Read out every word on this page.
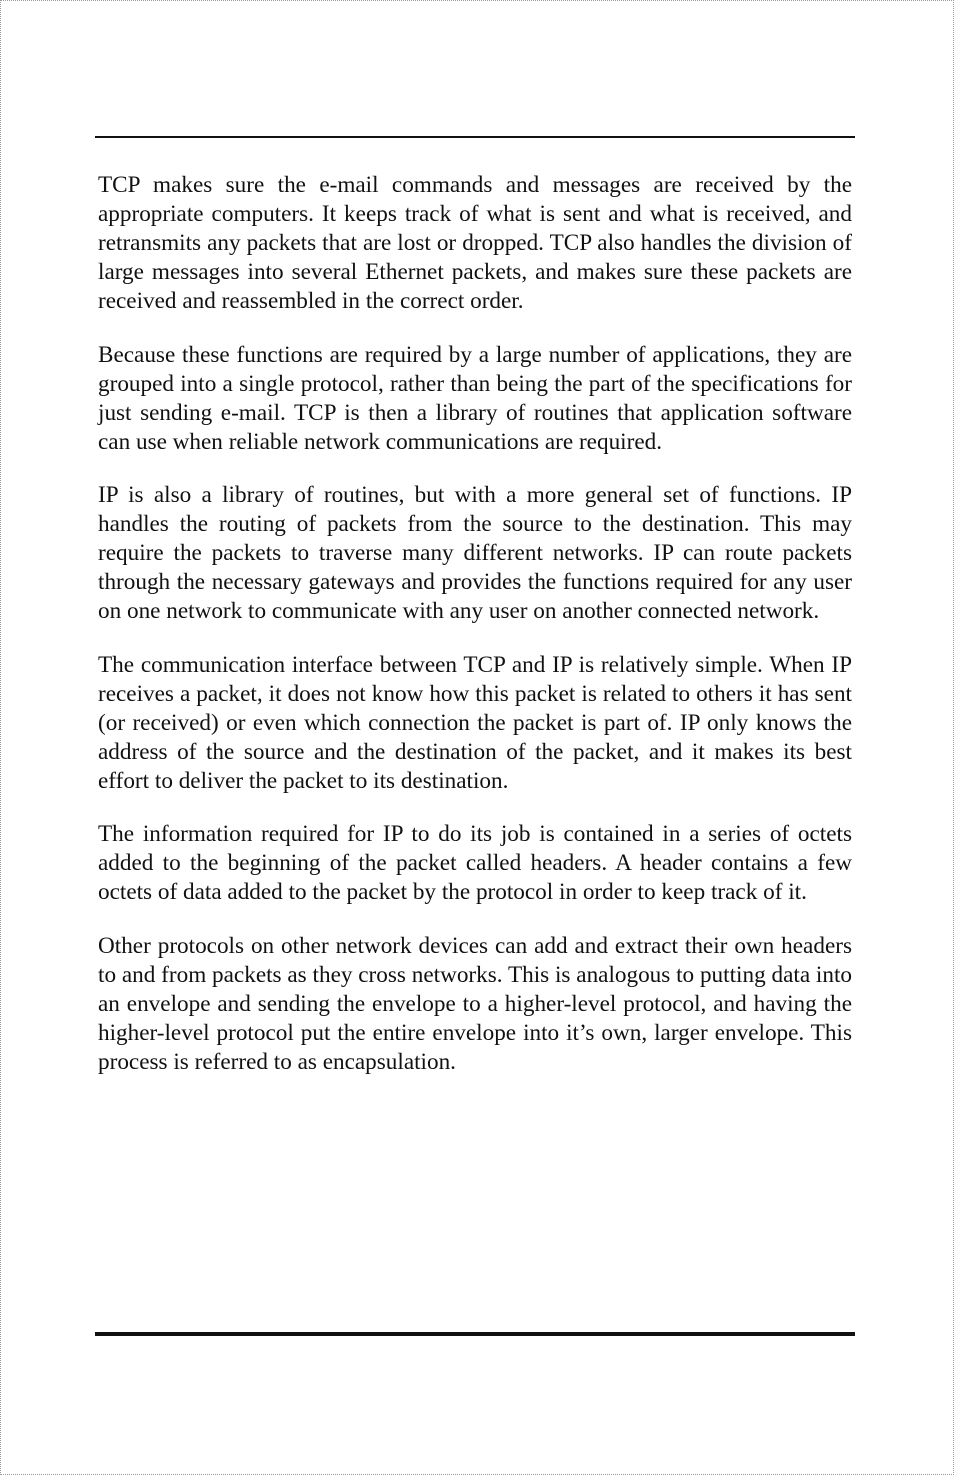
TCP makes sure the e-mail commands and messages are received by the appropriate computers. It keeps track of what is sent and what is received, and retransmits any packets that are lost or dropped. TCP also handles the division of large messages into several Ethernet packets, and makes sure these packets are received and reassembled in the correct order.

Because these functions are required by a large number of applications, they are grouped into a single protocol, rather than being the part of the specifications for just sending e-mail. TCP is then a library of routines that application software can use when reliable network communications are required.

IP is also a library of routines, but with a more general set of functions. IP handles the routing of packets from the source to the destination. This may require the packets to traverse many different networks. IP can route packets through the necessary gateways and provides the functions required for any user on one network to communicate with any user on another connected network.

The communication interface between TCP and IP is relatively simple. When IP receives a packet, it does not know how this packet is related to others it has sent (or received) or even which connection the packet is part of. IP only knows the address of the source and the destination of the packet, and it makes its best effort to deliver the packet to its destination.

The information required for IP to do its job is contained in a series of octets added to the beginning of the packet called headers. A header contains a few octets of data added to the packet by the protocol in order to keep track of it.

Other protocols on other network devices can add and extract their own headers to and from packets as they cross networks. This is analogous to putting data into an envelope and sending the envelope to a higher-level protocol, and having the higher-level protocol put the entire envelope into it’s own, larger envelope. This process is referred to as encapsulation.
